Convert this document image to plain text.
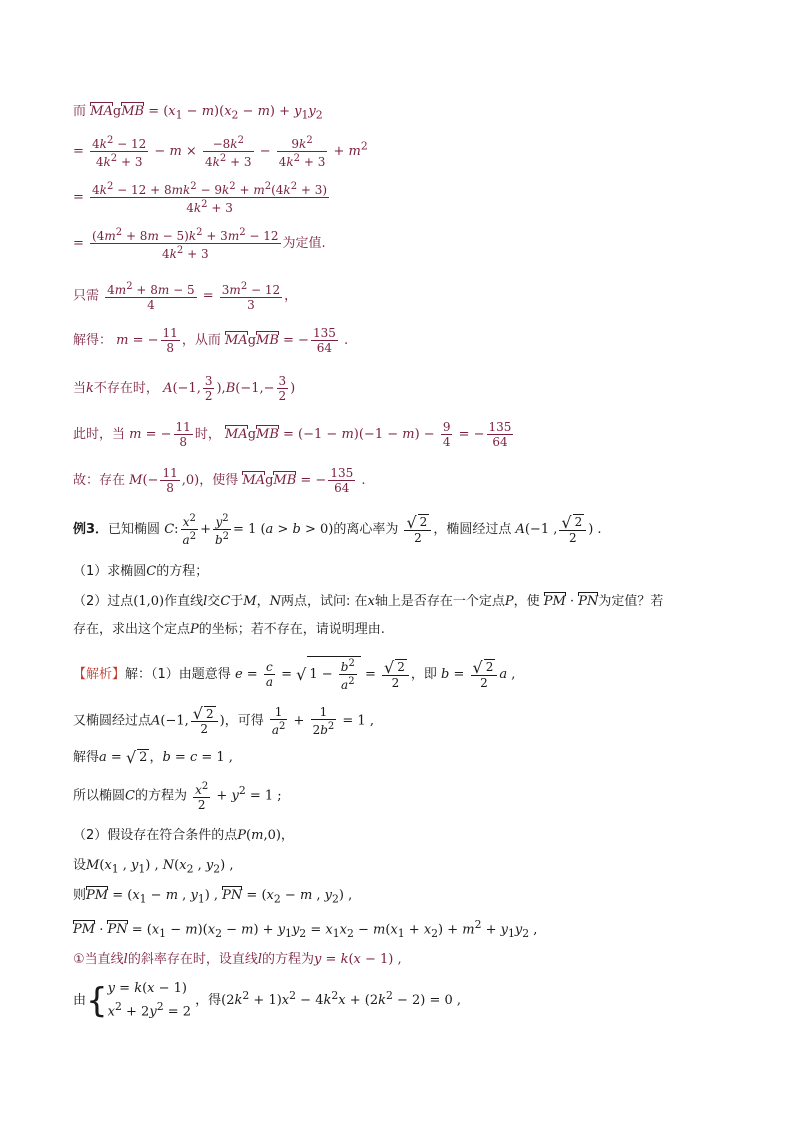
而 MAgMB = $(x_1 - m)(x_2 - m) + y_1y_2$
= $\frac{4k^2 - 12}{4k^2 + 3} - m \times \frac{-8k^2}{4k^2 + 3} - \frac{9k^2}{4k^2 + 3} + m^2$
= $\frac{4k^2 - 12 + 8mk^2 - 9k^2 + m^2(4k^2 + 3)}{4k^2 + 3}$
= $\frac{(4m^2 + 8m - 5)k^2 + 3m^2 - 12}{4k^2 + 3}$ 为定值.
只需 $\frac{4m^2 + 8m - 5}{4} = \frac{3m^2 - 12}{3}$ ，
解得： m = − $\frac{11}{8}$ ，从而 MAgMB = − $\frac{135}{64}$ .
当k不存在时， A(−1, $\frac{3}{2} ),B(-1,- \frac{3}{2}$ )
此时，当 m = − $\frac{11}{8}$ 时， MAgMB = $(-1 - m)(-1 - m) - \frac{9}{4}$ = − $\frac{135}{64}$
故：存在 $M(- \frac{11}{8} ,0)$，使得 MAgMB = − $\frac{135}{64}$ .
例3．已知椭圆 C: $\frac{x^2}{a^2} + \frac{y^2}{b^2} = 1$ (a > b > 0)的离心率为 $\frac{√ 2}{2}$ ，椭圆经过点 A(−1 , $\frac{√ 2}{2}$ ) .
（1）求椭圆C的方程；
（2）过点(1,0)作直线l交C于M，N两点，试问: 在x轴上是否存在一个定点P，使 PM · PN为定值？若
存在，求出这个定点P的坐标；若不存在，请说明理由.
【解析】解：（1）由题意得 $e = \frac{c}{a}$ = √ $1 - \frac{b^2}{a^2} = \frac{√ 2}{2}$ ，即 $b = \frac{√ 2}{2}$ a ,
又椭圆经过点A(−1, $\frac{√ 2}{2}$ )，可得 $\frac{1}{a^2} + \frac{1}{2b^2} = 1$ ,
解得a = √ 2 ，b = c = 1 ,
所以椭圆C的方程为 $\frac{x^2}{2} + y^2 = 1$ ;
（2）假设存在符合条件的点P(m,0)，
设$M(x_1$ , $y_1$) , $N(x_2$ , $y_2$) ,
则PM = ($x_1 - m$ , $y_1$) , PN = ($x_2 - m$ , $y_2$) ,
PM · PN = $(x_1 - m)(x_2 - m) + y_1y_2 = x_1x_2 - m(x_1 + x_2) + m^2 + y_1y_2$ ,
①当直线l的斜率存在时，设直线l的方程为y = k(x − 1) ,
由{y = k(x − 1)
$x^2 + 2y^2 = 2$ ，得$(2k^2 + 1)x^2 - 4k^2x + (2k^2 - 2) = 0$ ,
